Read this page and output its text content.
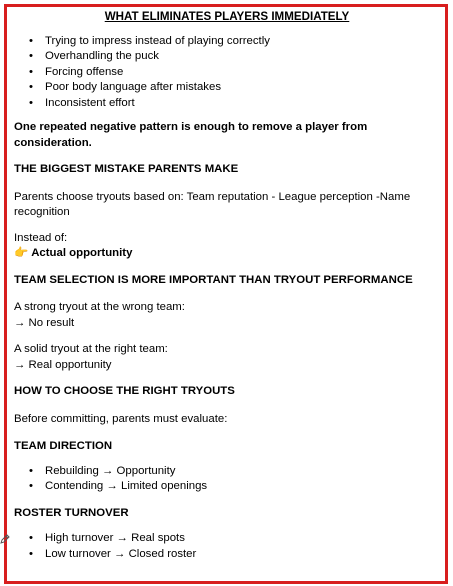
WHAT ELIMINATES PLAYERS IMMEDIATELY
• Trying to impress instead of playing correctly
• Overhandling the puck
• Forcing offense
• Poor body language after mistakes
• Inconsistent effort

One repeated negative pattern is enough to remove a player from consideration.

THE BIGGEST MISTAKE PARENTS MAKE

Parents choose tryouts based on: Team reputation - League perception -Name recognition

Instead of:

👉 Actual opportunity

TEAM SELECTION IS MORE IMPORTANT THAN TRYOUT PERFORMANCE

A strong tryout at the wrong team:

→ No result

A solid tryout at the right team:

→ Real opportunity

HOW TO CHOOSE THE RIGHT TRYOUTS

Before committing, parents must evaluate:

TEAM DIRECTION

• Rebuilding → Opportunity
• Contending → Limited openings

ROSTER TURNOVER

• High turnover → Real spots
• Low turnover → Closed roster
